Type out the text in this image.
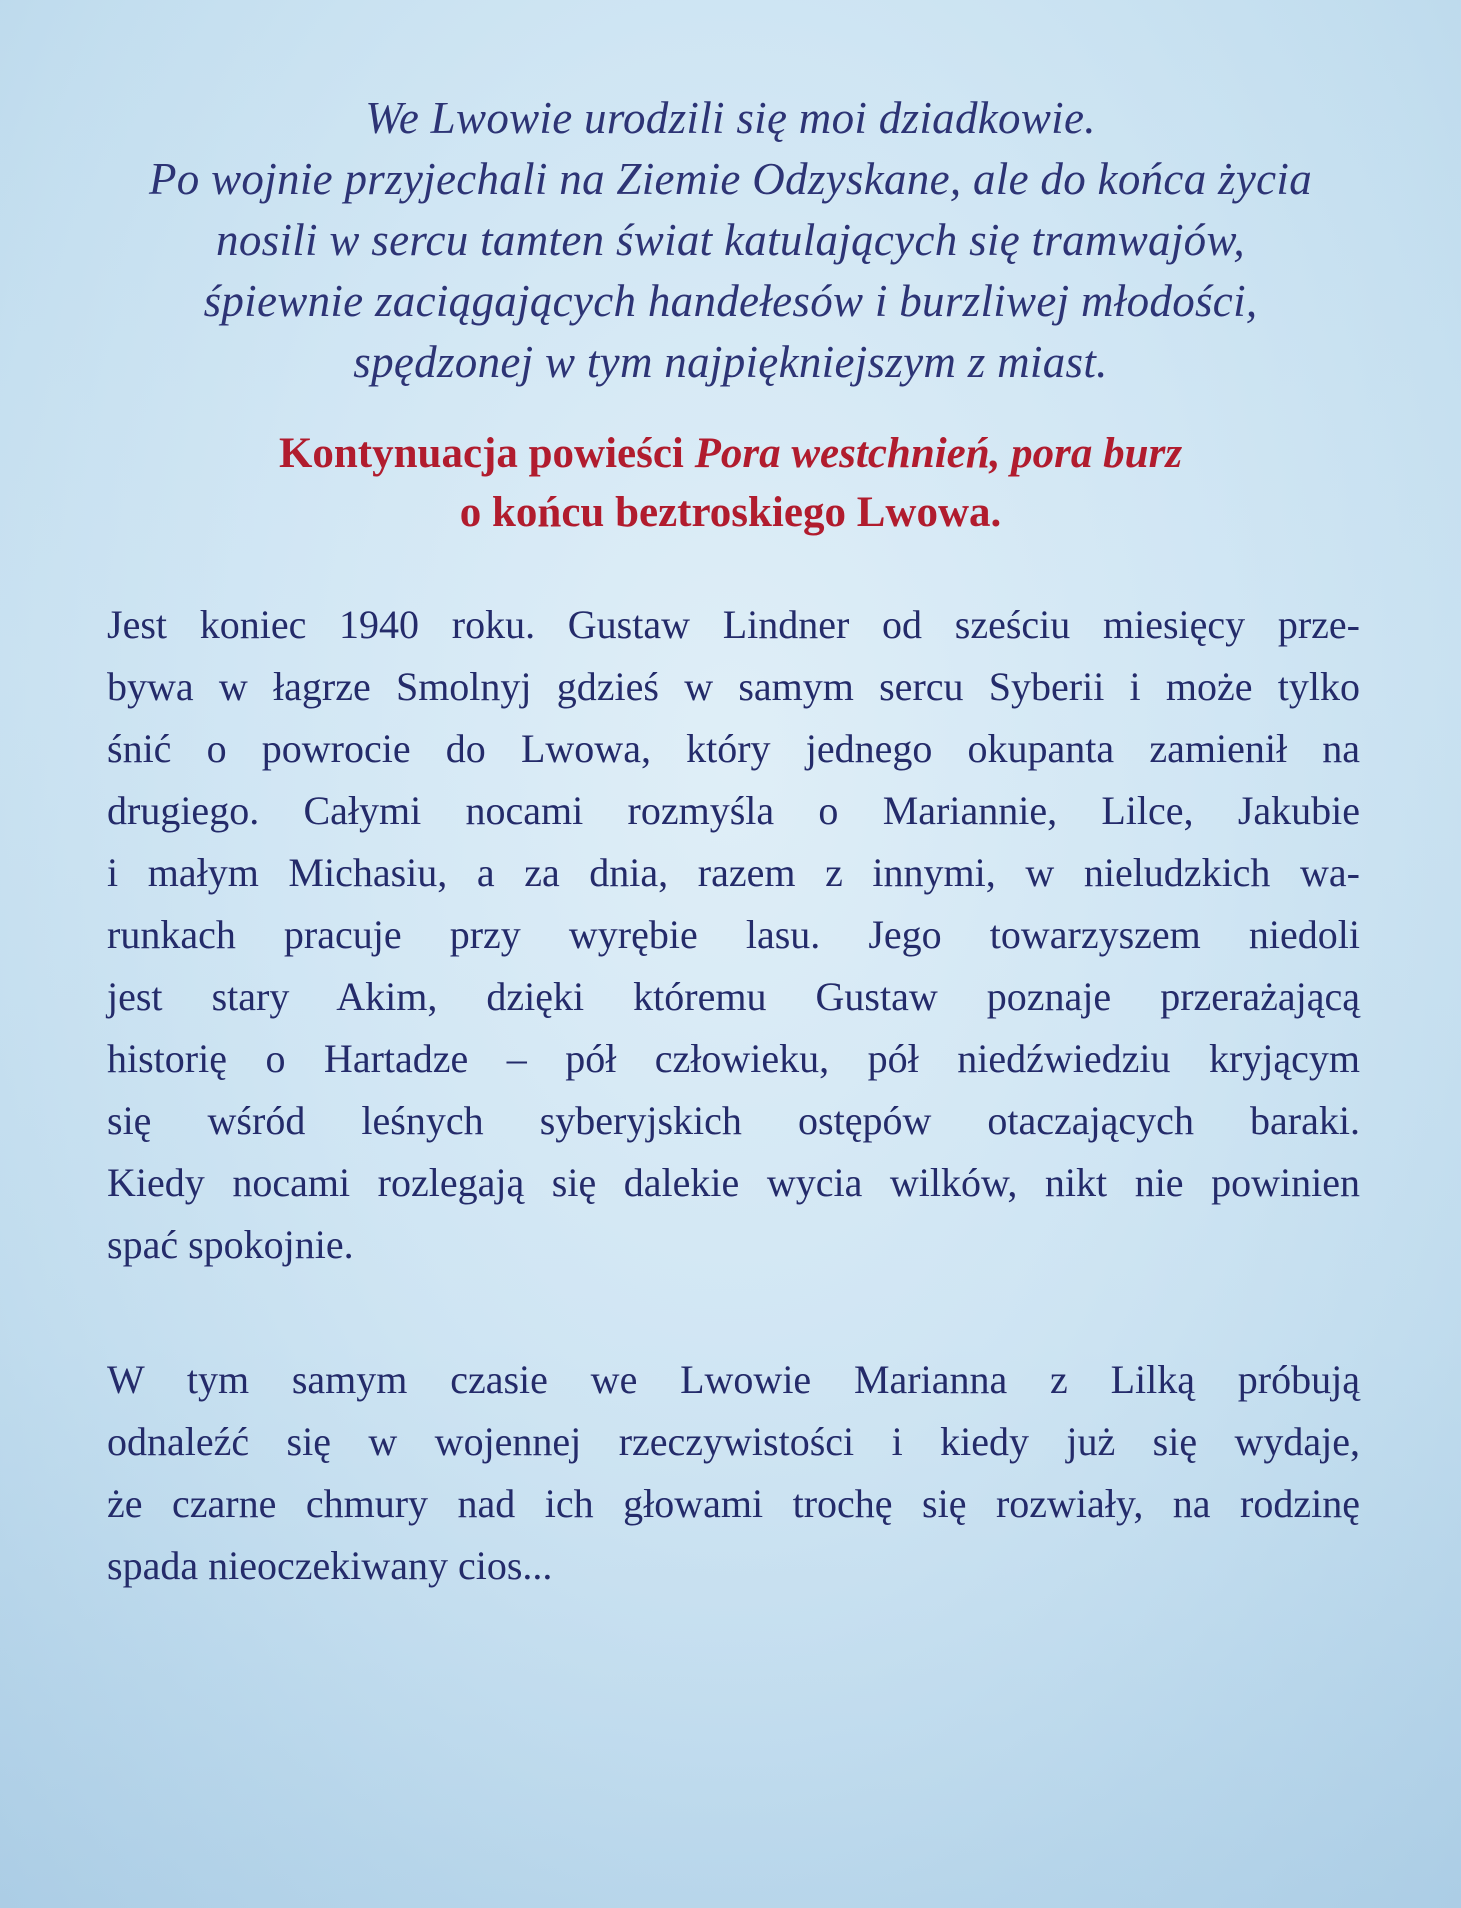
We Lwowie urodzili się moi dziadkowie.
Po wojnie przyjechali na Ziemie Odzyskane, ale do końca życia
nosili w sercu tamten świat katulających się tramwajów,
śpiewnie zaciągających handełesów i burzliwej młodości,
spędzonej w tym najpiękniejszym z miast.
Kontynuacja powieści Pora westchnień, pora burz
o końcu beztroskiego Lwowa.
Jest koniec 1940 roku. Gustaw Lindner od sześciu miesięcy prze-
bywa w łagrze Smolnyj gdzieś w samym sercu Syberii i może tylko
śnić o powrocie do Lwowa, który jednego okupanta zamienił na
drugiego. Całymi nocami rozmyśla o Mariannie, Lilce, Jakubie
i małym Michasiu, a za dnia, razem z innymi, w nieludzkich wa-
runkach pracuje przy wyrębie lasu. Jego towarzyszem niedoli
jest stary Akim, dzięki któremu Gustaw poznaje przerażającą
historię o Hartadze – pół człowieku, pół niedźwiedziu kryjącym
się wśród leśnych syberyjskich ostępów otaczających baraki.
Kiedy nocami rozlegają się dalekie wycia wilków, nikt nie powinien
spać spokojnie.
W tym samym czasie we Lwowie Marianna z Lilką próbują
odnaleźć się w wojennej rzeczywistości i kiedy już się wydaje,
że czarne chmury nad ich głowami trochę się rozwiały, na rodzinę
spada nieoczekiwany cios...
